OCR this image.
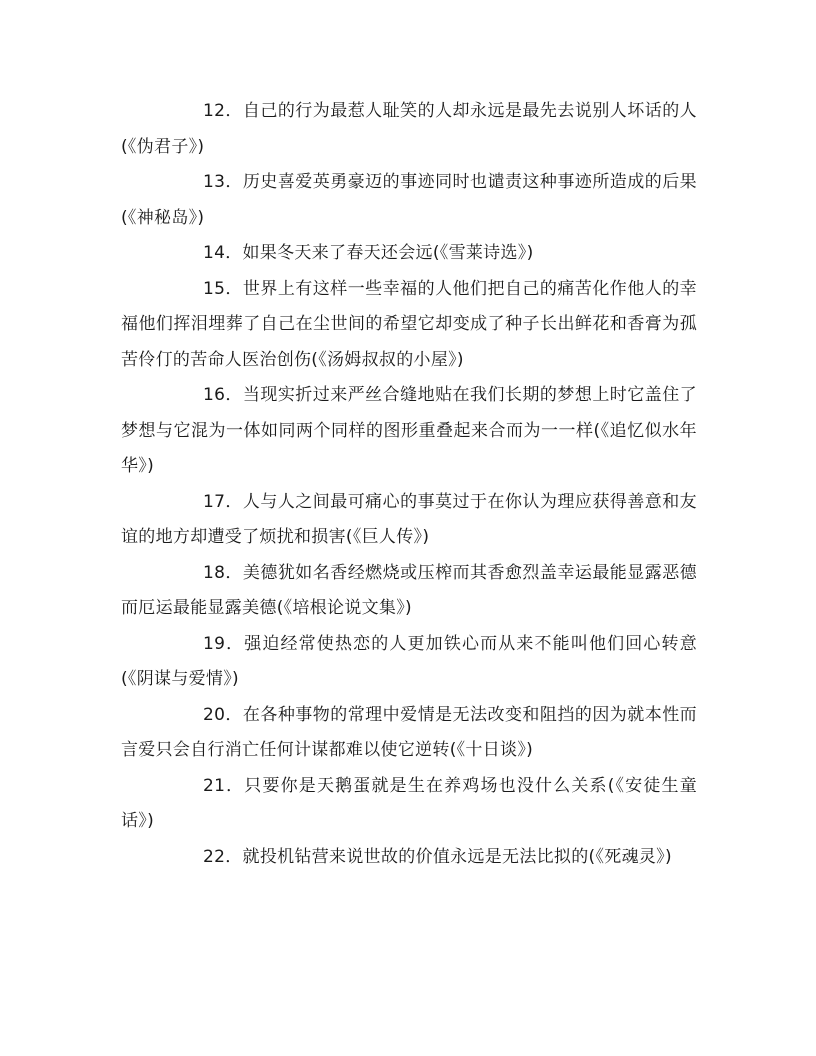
12．自己的行为最惹人耻笑的人却永远是最先去说别人坏话的人(《伪君子》)

13．历史喜爱英勇豪迈的事迹同时也谴责这种事迹所造成的后果(《神秘岛》)

14．如果冬天来了春天还会远(《雪莱诗选》)

15．世界上有这样一些幸福的人他们把自己的痛苦化作他人的幸福他们挥泪埋葬了自己在尘世间的希望它却变成了种子长出鲜花和香膏为孤苦伶仃的苦命人医治创伤(《汤姆叔叔的小屋》)

16．当现实折过来严丝合缝地贴在我们长期的梦想上时它盖住了梦想与它混为一体如同两个同样的图形重叠起来合而为一一样(《追忆似水年华》)

17．人与人之间最可痛心的事莫过于在你认为理应获得善意和友谊的地方却遭受了烦扰和损害(《巨人传》)

18．美德犹如名香经燃烧或压榨而其香愈烈盖幸运最能显露恶德而厄运最能显露美德(《培根论说文集》)

19．强迫经常使热恋的人更加铁心而从来不能叫他们回心转意(《阴谋与爱情》)

20．在各种事物的常理中爱情是无法改变和阻挡的因为就本性而言爱只会自行消亡任何计谋都难以使它逆转(《十日谈》)

21．只要你是天鹅蛋就是生在养鸡场也没什么关系(《安徒生童话》)

22．就投机钻营来说世故的价值永远是无法比拟的(《死魂灵》)
